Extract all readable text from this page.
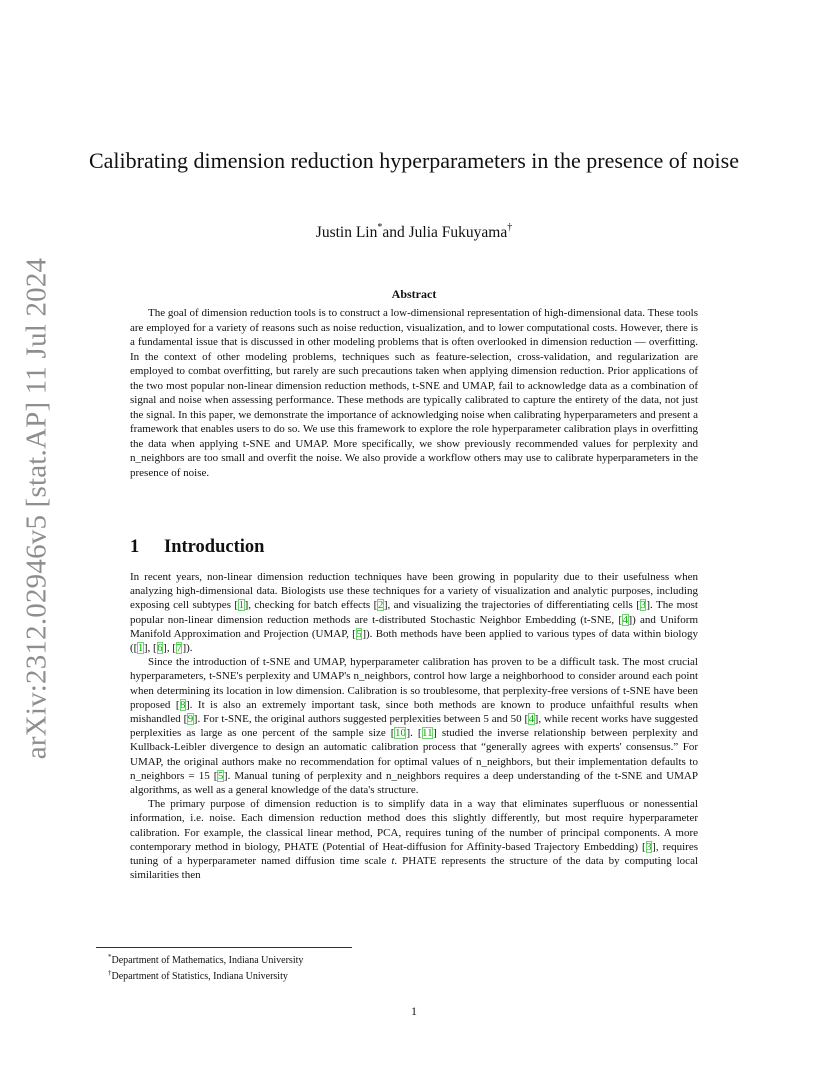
arXiv:2312.02946v5 [stat.AP] 11 Jul 2024
Calibrating dimension reduction hyperparameters in the presence of noise
Justin Lin*and Julia Fukuyama†
Abstract

The goal of dimension reduction tools is to construct a low-dimensional representation of high-dimensional data. These tools are employed for a variety of reasons such as noise reduction, visualization, and to lower computational costs. However, there is a fundamental issue that is discussed in other modeling problems that is often overlooked in dimension reduction — overfitting. In the context of other modeling problems, techniques such as feature-selection, cross-validation, and regularization are employed to combat overfitting, but rarely are such precautions taken when applying dimension reduction. Prior applications of the two most popular non-linear dimension reduction methods, t-SNE and UMAP, fail to acknowledge data as a combination of signal and noise when assessing performance. These methods are typically calibrated to capture the entirety of the data, not just the signal. In this paper, we demonstrate the importance of acknowledging noise when calibrating hyperparameters and present a framework that enables users to do so. We use this framework to explore the role hyperparameter calibration plays in overfitting the data when applying t-SNE and UMAP. More specifically, we show previously recommended values for perplexity and n_neighbors are too small and overfit the noise. We also provide a workflow others may use to calibrate hyperparameters in the presence of noise.

1 Introduction

In recent years, non-linear dimension reduction techniques have been growing in popularity due to their usefulness when analyzing high-dimensional data. Biologists use these techniques for a variety of visualization and analytic purposes, including exposing cell subtypes [1], checking for batch effects [2], and visualizing the trajectories of differentiating cells [3]. The most popular non-linear dimension reduction methods are t-distributed Stochastic Neighbor Embedding (t-SNE, [4]) and Uniform Manifold Approximation and Projection (UMAP, [5]). Both methods have been applied to various types of data within biology ([1], [6], [7]).

Since the introduction of t-SNE and UMAP, hyperparameter calibration has proven to be a difficult task. The most crucial hyperparameters, t-SNE's perplexity and UMAP's n_neighbors, control how large a neighborhood to consider around each point when determining its location in low dimension. Calibration is so troublesome, that perplexity-free versions of t-SNE have been proposed [8]. It is also an extremely important task, since both methods are known to produce unfaithful results when mishandled [9]. For t-SNE, the original authors suggested perplexities between 5 and 50 [4], while recent works have suggested perplexities as large as one percent of the sample size [10]. [11] studied the inverse relationship between perplexity and Kullback-Leibler divergence to design an automatic calibration process that “generally agrees with experts' consensus.” For UMAP, the original authors make no recommendation for optimal values of n_neighbors, but their implementation defaults to n_neighbors = 15 [5]. Manual tuning of perplexity and n_neighbors requires a deep understanding of the t-SNE and UMAP algorithms, as well as a general knowledge of the data's structure.

The primary purpose of dimension reduction is to simplify data in a way that eliminates superfluous or nonessential information, i.e. noise. Each dimension reduction method does this slightly differently, but most require hyperparameter calibration. For example, the classical linear method, PCA, requires tuning of the number of principal components. A more contemporary method in biology, PHATE (Potential of Heat-diffusion for Affinity-based Trajectory Embedding) [3], requires tuning of a hyperparameter named diffusion time scale t. PHATE represents the structure of the data by computing local similarities then

*Department of Mathematics, Indiana University
†Department of Statistics, Indiana University
1
